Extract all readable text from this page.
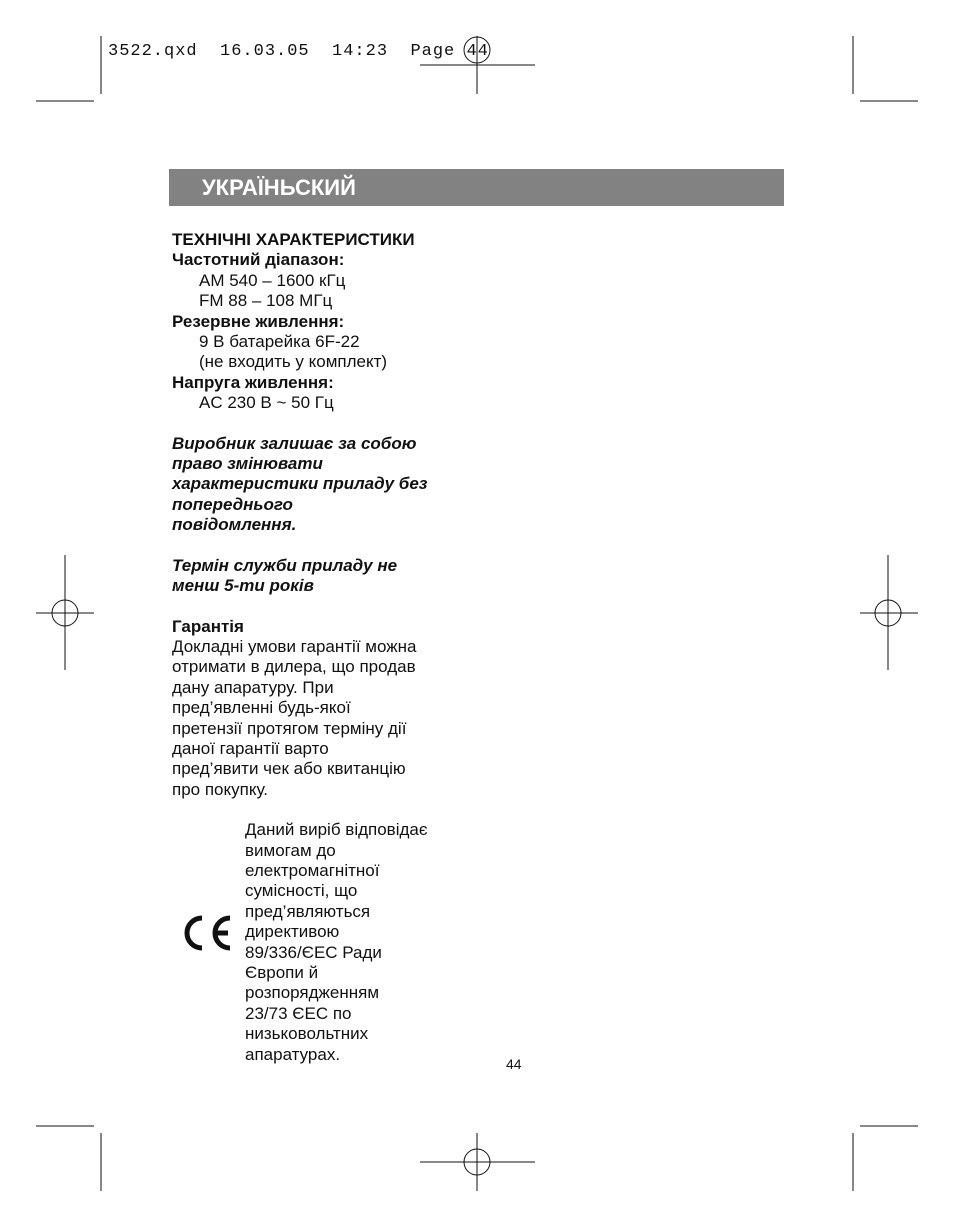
3522.qxd  16.03.05  14:23  Page 44
УКРАЇНЬСКИЙ
ТЕХНІЧНІ ХАРАКТЕРИСТИКИ
Частотний діапазон:
AM 540 – 1600 кГц
FM 88 – 108 МГц
Резервне живлення:
9 В батарейка 6F-22
(не входить у комплект)
Напруга живлення:
AC 230 В ~ 50 Гц
Виробник залишає за собою
право змінювати
характеристики приладу без
попереднього
повідомлення.
Термін служби приладу не
менш 5-ти років
Гарантія
Докладні умови гарантії можна
отримати в дилера, що продав
дану апаратуру. При
пред’явленні будь-якої
претензії протягом терміну дії
даної гарантії варто
пред’явити чек або квитанцію
про покупку.
Даний виріб відповідає
вимогам до
електромагнітної
сумісності, що
пред’являються
директивою
89/336/ЄЕС Ради
Європи й
розпорядженням
23/73 ЄЕС по
низьковольтних
апаратурах.
44
